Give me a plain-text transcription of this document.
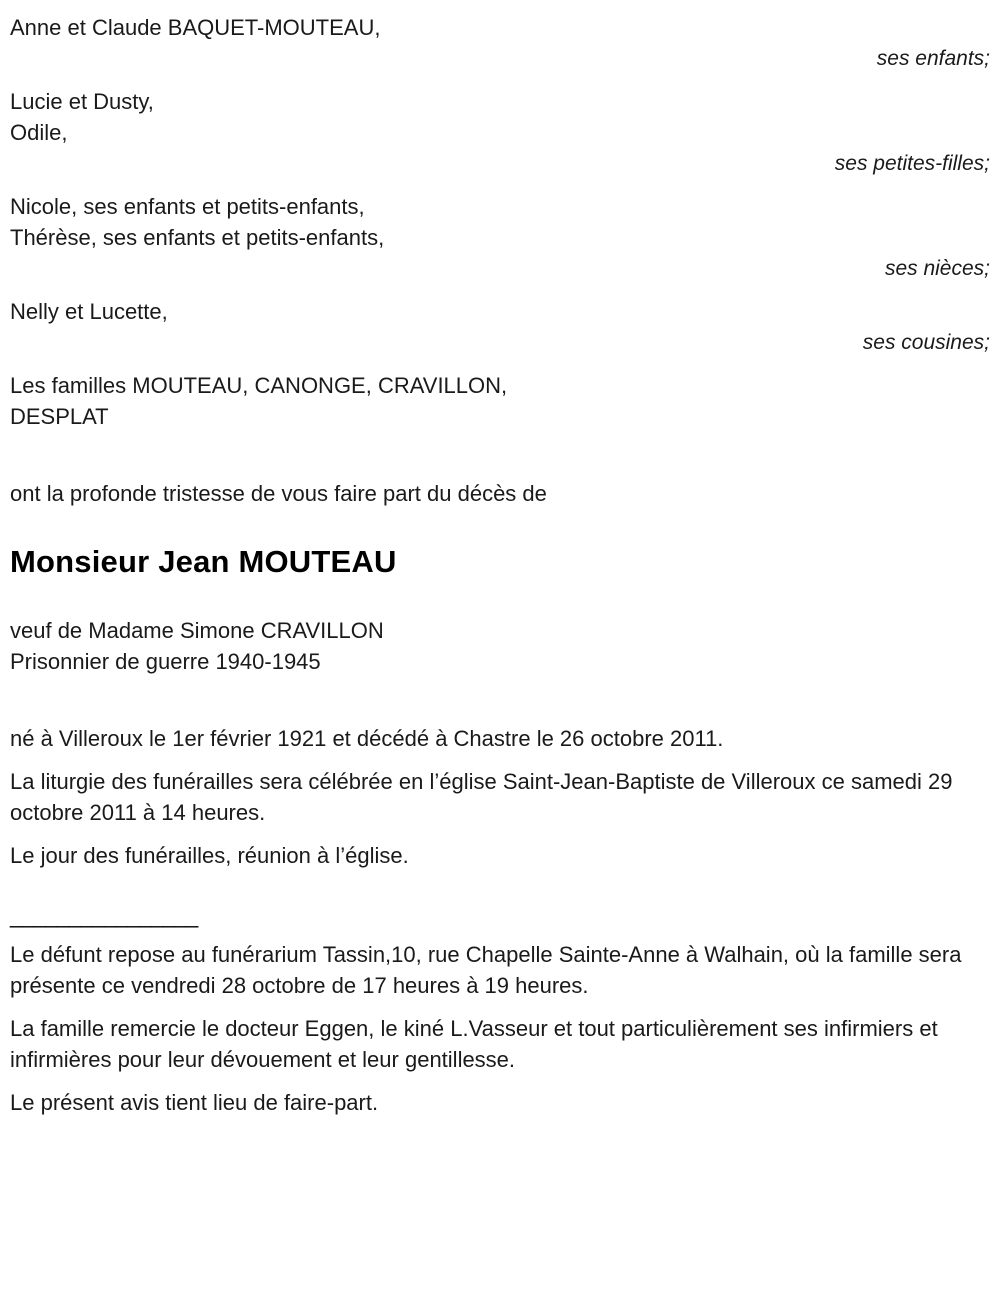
Anne et Claude BAQUET-MOUTEAU,
ses enfants;
Lucie et Dusty,
Odile,
ses petites-filles;
Nicole, ses enfants et petits-enfants,
Thérèse, ses enfants et petits-enfants,
ses nièces;
Nelly et Lucette,
ses cousines;
Les familles MOUTEAU, CANONGE, CRAVILLON,
DESPLAT
ont la profonde tristesse de vous faire part du décès de
Monsieur Jean MOUTEAU
veuf de Madame Simone CRAVILLON
Prisonnier de guerre 1940-1945
né à Villeroux le 1er février 1921 et décédé à Chastre le 26 octobre 2011.
La liturgie des funérailles sera célébrée en l’église Saint-Jean-Baptiste de Villeroux ce samedi 29 octobre 2011 à 14 heures.
Le jour des funérailles, réunion à l’église.
________________
Le défunt repose au funérarium Tassin,10, rue Chapelle Sainte-Anne à Walhain, où la famille sera présente ce vendredi 28 octobre de 17 heures à 19 heures.
La famille remercie le docteur Eggen, le kiné L.Vasseur et tout particulièrement ses infirmiers et infirmières pour leur dévouement et leur gentillesse.
Le présent avis tient lieu de faire-part.
